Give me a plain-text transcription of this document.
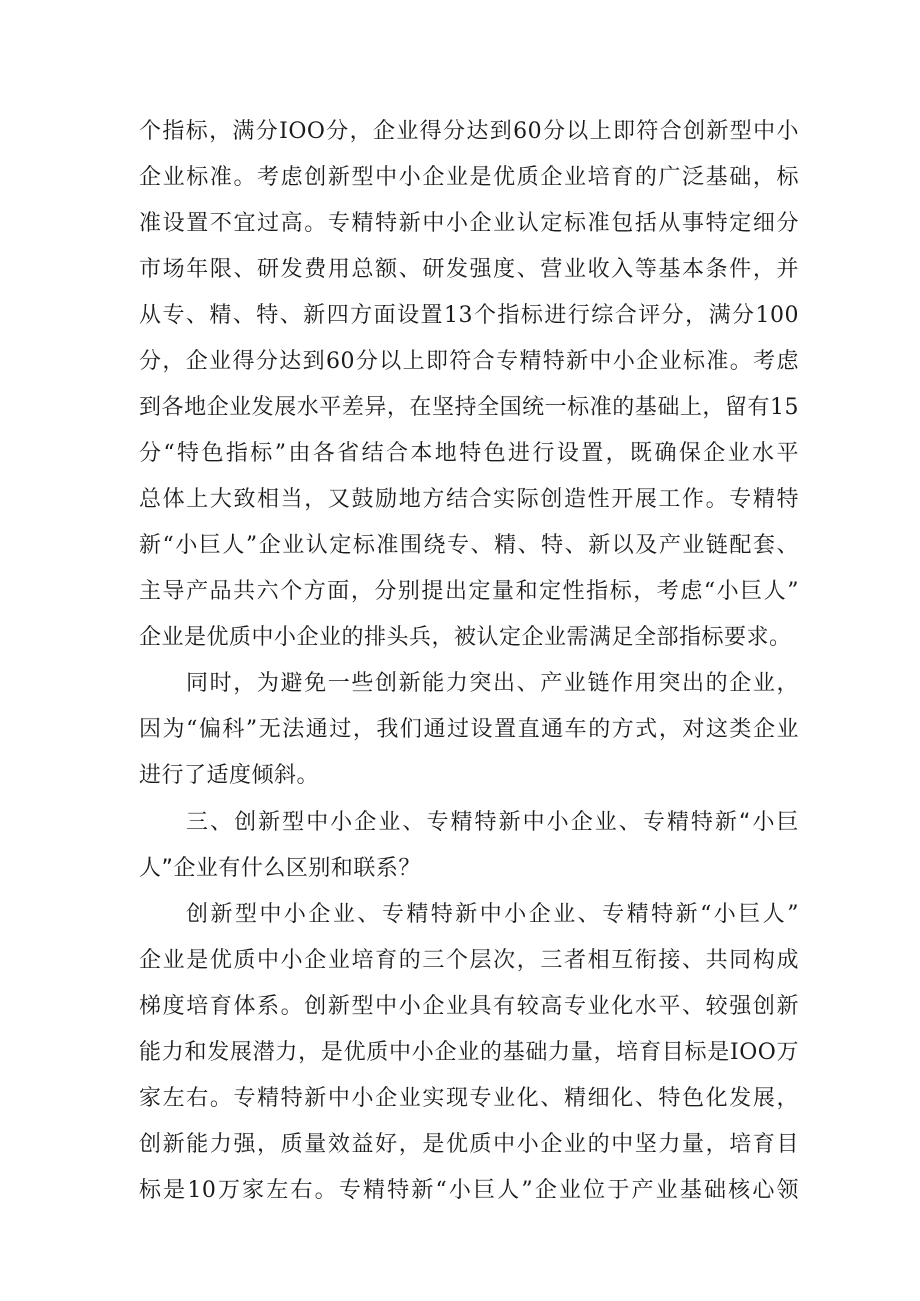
个指标，满分IOO分，企业得分达到60分以上即符合创新型中小
企业标准。考虑创新型中小企业是优质企业培育的广泛基础，标
准设置不宜过高。专精特新中小企业认定标准包括从事特定细分
市场年限、研发费用总额、研发强度、营业收入等基本条件，并
从专、精、特、新四方面设置13个指标进行综合评分，满分100
分，企业得分达到60分以上即符合专精特新中小企业标准。考虑
到各地企业发展水平差异，在坚持全国统一标准的基础上，留有15
分“特色指标”由各省结合本地特色进行设置，既确保企业水平
总体上大致相当，又鼓励地方结合实际创造性开展工作。专精特
新“小巨人”企业认定标准围绕专、精、特、新以及产业链配套、
主导产品共六个方面，分别提出定量和定性指标，考虑“小巨人”
企业是优质中小企业的排头兵，被认定企业需满足全部指标要求。
同时，为避免一些创新能力突出、产业链作用突出的企业，
因为“偏科”无法通过，我们通过设置直通车的方式，对这类企业
进行了适度倾斜。
三、创新型中小企业、专精特新中小企业、专精特新“小巨
人”企业有什么区别和联系？
创新型中小企业、专精特新中小企业、专精特新“小巨人”
企业是优质中小企业培育的三个层次，三者相互衔接、共同构成
梯度培育体系。创新型中小企业具有较高专业化水平、较强创新
能力和发展潜力，是优质中小企业的基础力量，培育目标是IOO万
家左右。专精特新中小企业实现专业化、精细化、特色化发展，
创新能力强，质量效益好，是优质中小企业的中坚力量，培育目
标是10万家左右。专精特新“小巨人”企业位于产业基础核心领
